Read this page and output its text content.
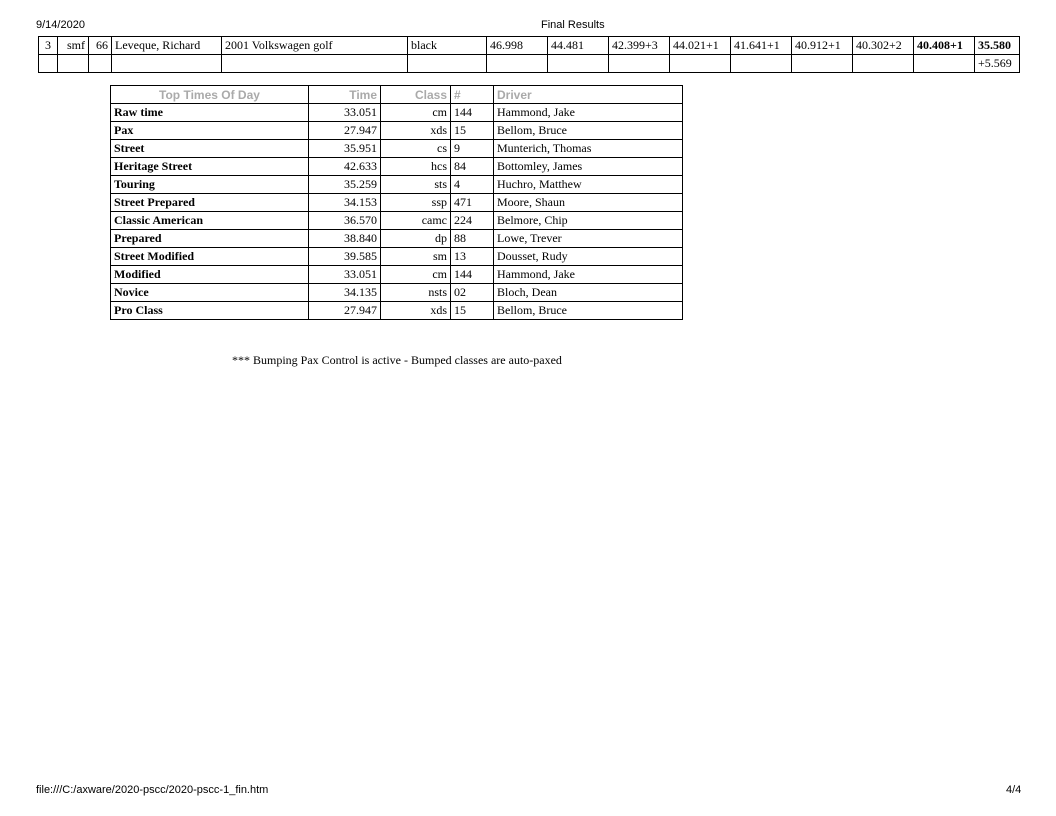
9/14/2020	Final Results
3	smf	66	Leveque, Richard	2001 Volkswagen golf	black	46.998	44.481	42.399+3	44.021+1	41.641+1	40.912+1	40.302+2	40.408+1	35.580
														+5.569
Top Times Of Day	Time	Class	#	Driver
Raw time	33.051	cm	144	Hammond, Jake
Pax	27.947	xds	15	Bellom, Bruce
Street	35.951	cs	9	Munterich, Thomas
Heritage Street	42.633	hcs	84	Bottomley, James
Touring	35.259	sts	4	Huchro, Matthew
Street Prepared	34.153	ssp	471	Moore, Shaun
Classic American	36.570	camc	224	Belmore, Chip
Prepared	38.840	dp	88	Lowe, Trever
Street Modified	39.585	sm	13	Dousset, Rudy
Modified	33.051	cm	144	Hammond, Jake
Novice	34.135	nsts	02	Bloch, Dean
Pro Class	27.947	xds	15	Bellom, Bruce
*** Bumping Pax Control is active - Bumped classes are auto-paxed
file:///C:/axware/2020-pscc/2020-pscc-1_fin.htm	4/4
